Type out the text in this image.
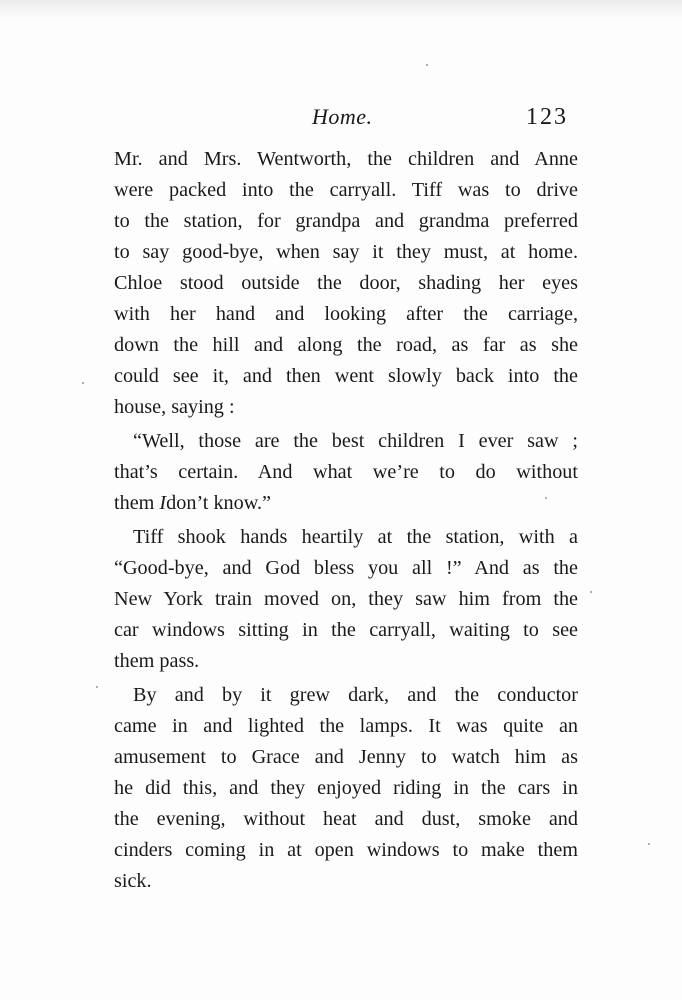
Home.	123
Mr. and Mrs. Wentworth, the children and Anne
were packed into the carryall. Tiff was to drive
to the station, for grandpa and grandma preferred
to say good-bye, when say it they must, at home.
Chloe stood outside the door, shading her eyes
with her hand and looking after the carriage,
down the hill and along the road, as far as she
could see it, and then went slowly back into the
house, saying :
“Well, those are the best children I ever saw ;
that’s certain. And what we’re to do without
them Idon’t know.”
Tiff shook hands heartily at the station, with a
“Good-bye, and God bless you all !” And as the
New York train moved on, they saw him from the
car windows sitting in the carryall, waiting to see
them pass.
By and by it grew dark, and the conductor
came in and lighted the lamps. It was quite an
amusement to Grace and Jenny to watch him as
he did this, and they enjoyed riding in the cars in
the evening, without heat and dust, smoke and
cinders coming in at open windows to make them
sick.
